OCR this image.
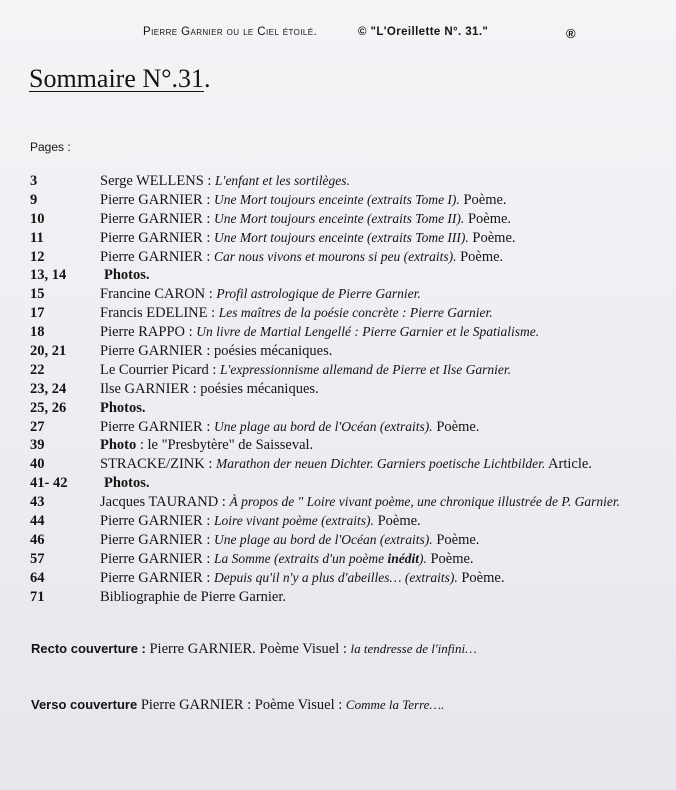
Pierre Garnier ou le Ciel étoilé.	© "L'Oreillette N°. 31."	®
Sommaire N°.31.
Pages :
3	Serge WELLENS : L'enfant et les sortilèges.
9	Pierre GARNIER : Une Mort toujours enceinte (extraits Tome I). Poème.
10	Pierre GARNIER : Une Mort toujours enceinte (extraits Tome II). Poème.
11	Pierre GARNIER : Une Mort toujours enceinte (extraits Tome III). Poème.
12	Pierre GARNIER : Car nous vivons et mourons si peu (extraits). Poème.
13, 14	Photos.
15	Francine CARON : Profil astrologique de Pierre Garnier.
17	Francis EDELINE : Les maîtres de la poésie concrète : Pierre Garnier.
18	Pierre RAPPO : Un livre de Martial Lengellé : Pierre Garnier et le Spatialisme.
20, 21 Pierre GARNIER : poésies mécaniques.
22	Le Courrier Picard : L'expressionnisme allemand de Pierre et Ilse Garnier.
23, 24 Ilse GARNIER : poésies mécaniques.
25, 26 Photos.
27	Pierre GARNIER : Une plage au bord de l'Océan (extraits). Poème.
39	Photo : le "Presbytère" de Saisseval.
40	STRACKE/ZINK : Marathon der neuen Dichter. Garniers poetische Lichtbilder. Article.
41- 42	Photos.
43	Jacques TAURAND : À propos de " Loire vivant poème, une chronique illustrée de P. Garnier.
44	Pierre GARNIER : Loire vivant poème (extraits). Poème.
46	Pierre GARNIER : Une plage au bord de l'Océan (extraits). Poème.
57	Pierre GARNIER : La Somme (extraits d'un poème inédit). Poème.
64	Pierre GARNIER : Depuis qu'il n'y a plus d'abeilles… (extraits). Poème.
71	Bibliographie de Pierre Garnier.
Recto couverture : Pierre GARNIER. Poème Visuel : la tendresse de l'infini…
Verso couverture Pierre GARNIER : Poème Visuel : Comme la Terre….
